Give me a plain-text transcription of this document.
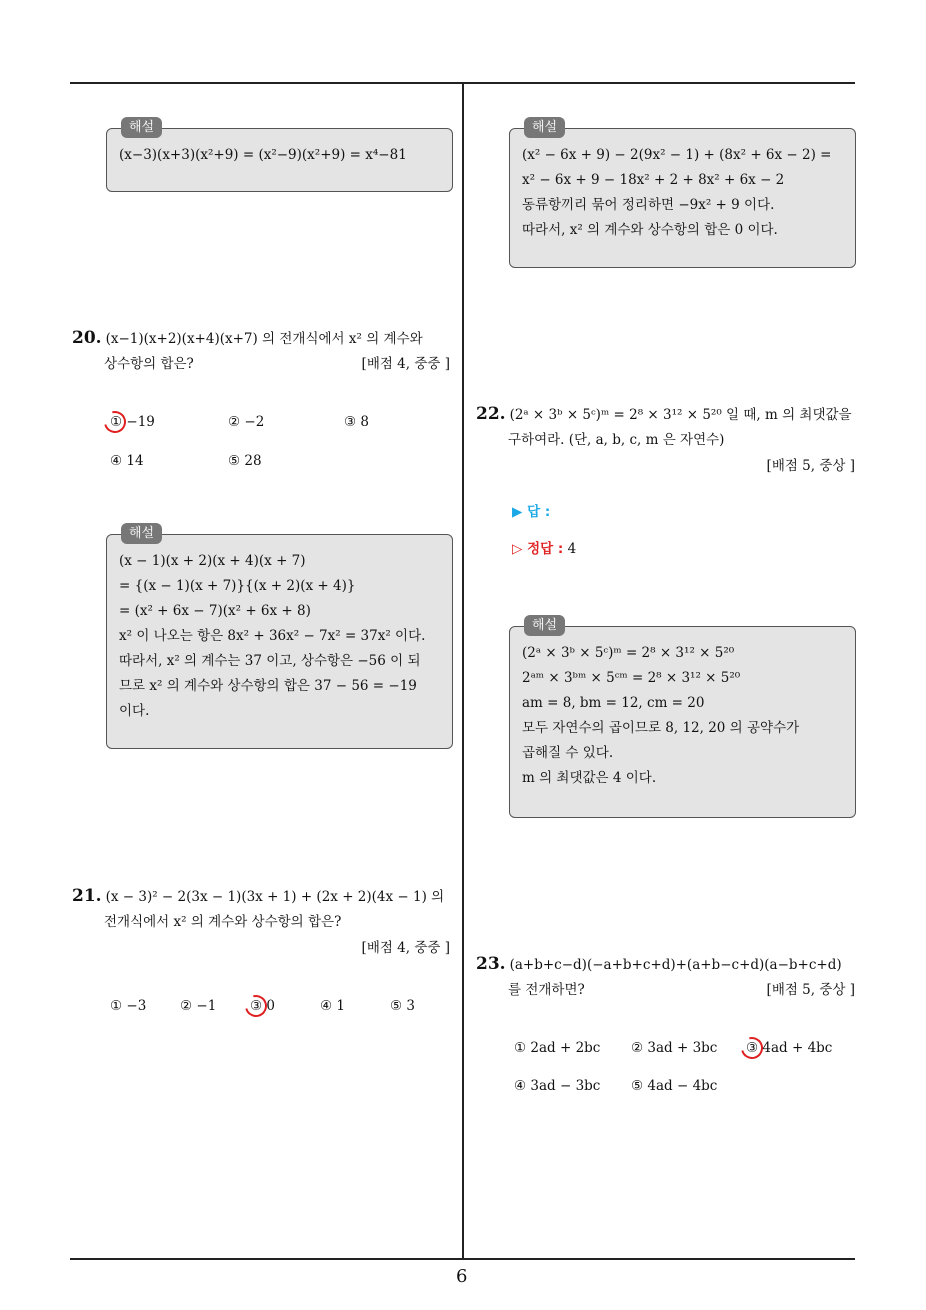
해설
(x−3)(x+3)(x²+9) = (x²−9)(x²+9) = x⁴−81
20. (x−1)(x+2)(x+4)(x+7) 의 전개식에서 x² 의 계수와
상수항의 합은?	[배점 4, 중중 ]
① −19	② −2	③ 8
④ 14	⑤ 28
해설
(x − 1)(x + 2)(x + 4)(x + 7)
= {(x − 1)(x + 7)}{(x + 2)(x + 4)}
= (x² + 6x − 7)(x² + 6x + 8)
x² 이 나오는 항은 8x² + 36x² − 7x² = 37x² 이다.
따라서, x² 의 계수는 37 이고, 상수항은 −56 이 되
므로 x² 의 계수와 상수항의 합은 37 − 56 = −19
이다.
21. (x − 3)² − 2(3x − 1)(3x + 1) + (2x + 2)(4x − 1) 의
전개식에서 x² 의 계수와 상수항의 합은?
[배점 4, 중중 ]
① −3 ② −1 ③ 0	④ 1	⑤ 3
해설
(x² − 6x + 9) − 2(9x² − 1) + (8x² + 6x − 2) =
x² − 6x + 9 − 18x² + 2 + 8x² + 6x − 2
동류항끼리 묶어 정리하면 −9x² + 9 이다.
따라서, x² 의 계수와 상수항의 합은 0 이다.
22. (2ᵃ × 3ᵇ × 5ᶜ)ᵐ = 2⁸ × 3¹² × 5²⁰ 일 때, m 의 최댓값을
구하여라. (단, a, b, c, m 은 자연수)
[배점 5, 중상 ]
▶ 답 :
▷ 정답 : 4
해설
(2ᵃ × 3ᵇ × 5ᶜ)ᵐ = 2⁸ × 3¹² × 5²⁰
2ᵃᵐ × 3ᵇᵐ × 5ᶜᵐ = 2⁸ × 3¹² × 5²⁰
am = 8, bm = 12, cm = 20
모두 자연수의 곱이므로 8, 12, 20 의 공약수가
곱해질 수 있다.
m 의 최댓값은 4 이다.
23. (a+b+c−d)(−a+b+c+d)+(a+b−c+d)(a−b+c+d)
를 전개하면?	[배점 5, 중상 ]
① 2ad + 2bc ② 3ad + 3bc ③ 4ad + 4bc
④ 3ad − 3bc ⑤ 4ad − 4bc
6
